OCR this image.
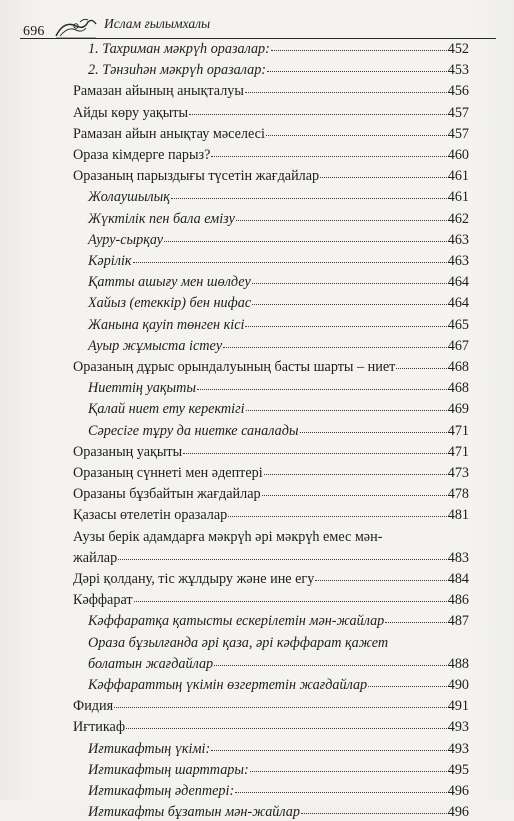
696
Ислам ғылымхалы
1. Тахриман мәкрүһ оразалар:	452
2. Тәнзиһән мәкрүһ оразалар:	453
Рамазан айының анықталуы	456
Айды көру уақыты	457
Рамазан айын анықтау мәселесі	457
Ораза кімдерге парыз?	460
Оразаның парыздығы түсетін жағдайлар	461
Жолаушылық	461
Жүктілік пен бала емізу	462
Ауру-сырқау	463
Кәрілік	463
Қатты ашығу мен шөлдеу	464
Хайыз (етеккір) бен нифас	464
Жанына қауіп төнген кісі	465
Ауыр жұмыста істеу	467
Оразаның дұрыс орындалуының басты шарты – ниет	468
Ниеттің уақыты	468
Қалай ниет ету керектігі	469
Сәресіге тұру да ниетке саналады	471
Оразаның уақыты	471
Оразаның сүннеті мен әдептері	473
Оразаны бұзбайтын жағдайлар	478
Қазасы өтелетін оразалар	481
Аузы берік адамдарға мәкрүһ әрі мәкрүһ емес мән-
жайлар	483
Дәрі қолдану, тіс жұлдыру және ине егу	484
Кәффарат	486
Кәффаратқа қатысты ескерілетін мән-жайлар	487
Ораза бұзылғанда әрі қаза, әрі кәффарат қажет
болатын жағдайлар	488
Кәффараттың үкімін өзгертетін жағдайлар	490
Фидия	491
Иғтикаф	493
Иғтикафтың үкімі:	493
Иғтикафтың шарттары:	495
Иғтикафтың әдептері:	496
Иғтикафты бұзатын мән-жайлар	496
